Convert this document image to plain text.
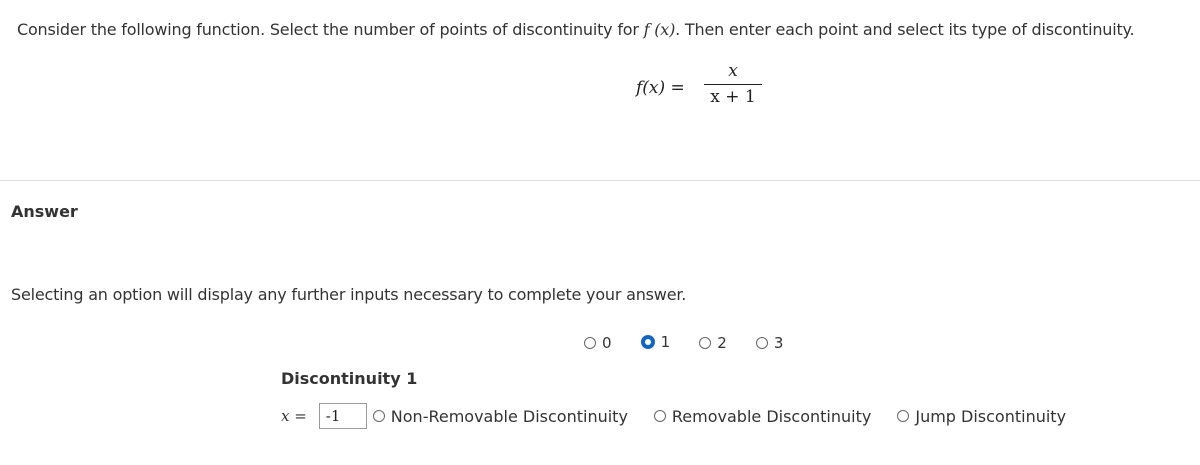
Consider the following function. Select the number of points of discontinuity for f (x). Then enter each point and select its type of discontinuity.
f(x) =
x
x + 1
Answer
Selecting an option will display any further inputs necessary to complete your answer.
0
	1
	2
	3
Discontinuity 1
x =
-1	Non-Removable Discontinuity	Removable Discontinuity	Jump Discontinuity
